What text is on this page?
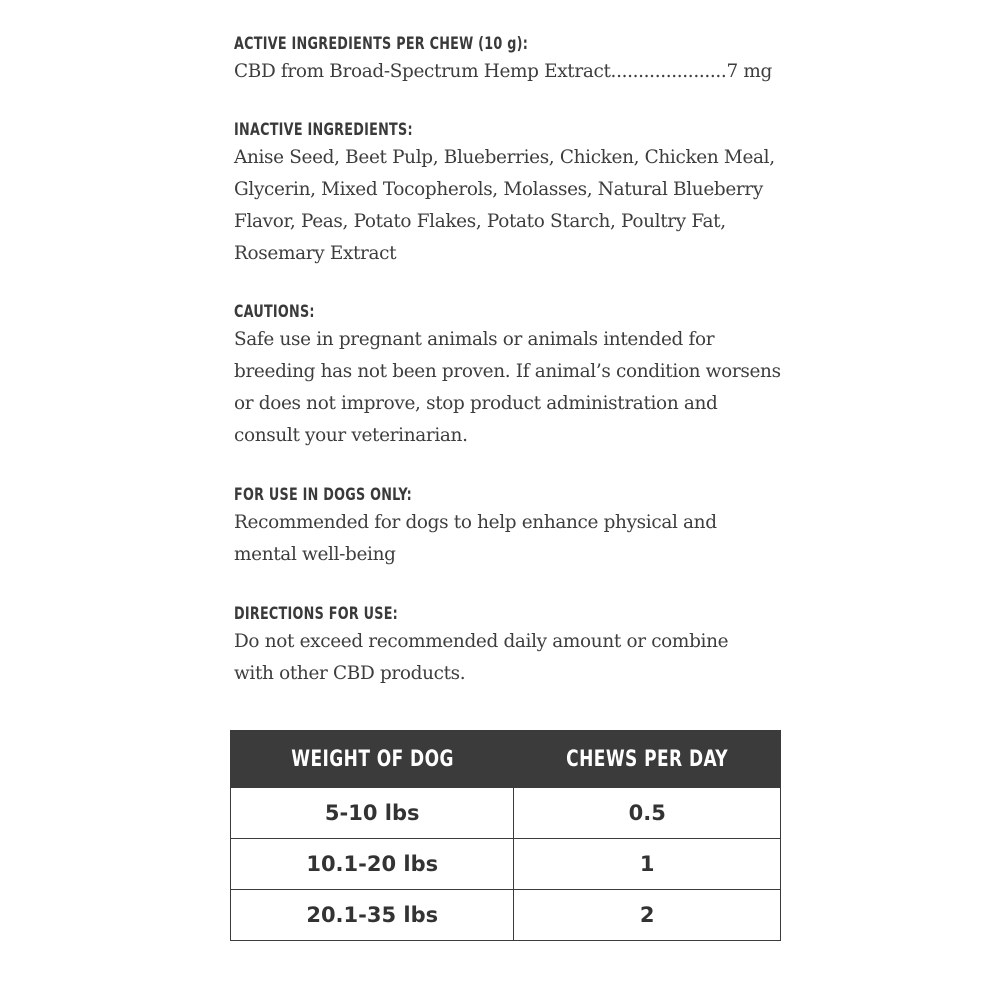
ACTIVE INGREDIENTS PER CHEW (10 g):

CBD from Broad-Spectrum Hemp Extract.....................7 mg

INACTIVE INGREDIENTS:

Anise Seed, Beet Pulp, Blueberries, Chicken, Chicken Meal,
Glycerin, Mixed Tocopherols, Molasses, Natural Blueberry
Flavor, Peas, Potato Flakes, Potato Starch, Poultry Fat,
Rosemary Extract

CAUTIONS:

Safe use in pregnant animals or animals intended for
breeding has not been proven. If animal’s condition worsens
or does not improve, stop product administration and
consult your veterinarian.

FOR USE IN DOGS ONLY:

Recommended for dogs to help enhance physical and
mental well-being

DIRECTIONS FOR USE:

Do not exceed recommended daily amount or combine
with other CBD products.

WEIGHT OF DOG	CHEWS PER DAY
5-10 lbs	0.5
10.1-20 lbs	1
20.1-35 lbs	2
